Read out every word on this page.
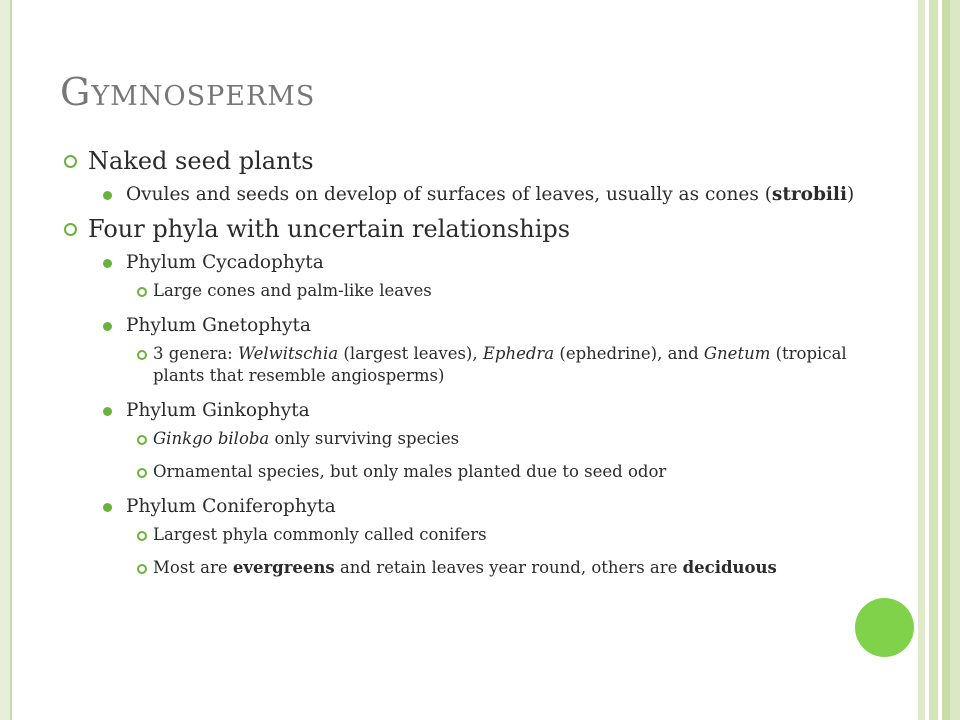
Gymnosperms
Naked seed plants
Ovules and seeds on develop of surfaces of leaves, usually as cones (strobili)
Four phyla with uncertain relationships
Phylum Cycadophyta
Large cones and palm-like leaves
Phylum Gnetophyta
3 genera: Welwitschia (largest leaves), Ephedra (ephedrine), and Gnetum (tropical plants that resemble angiosperms)
Phylum Ginkophyta
Ginkgo biloba only surviving species
Ornamental species, but only males planted due to seed odor
Phylum Coniferophyta
Largest phyla commonly called conifers
Most are evergreens and retain leaves year round, others are deciduous
